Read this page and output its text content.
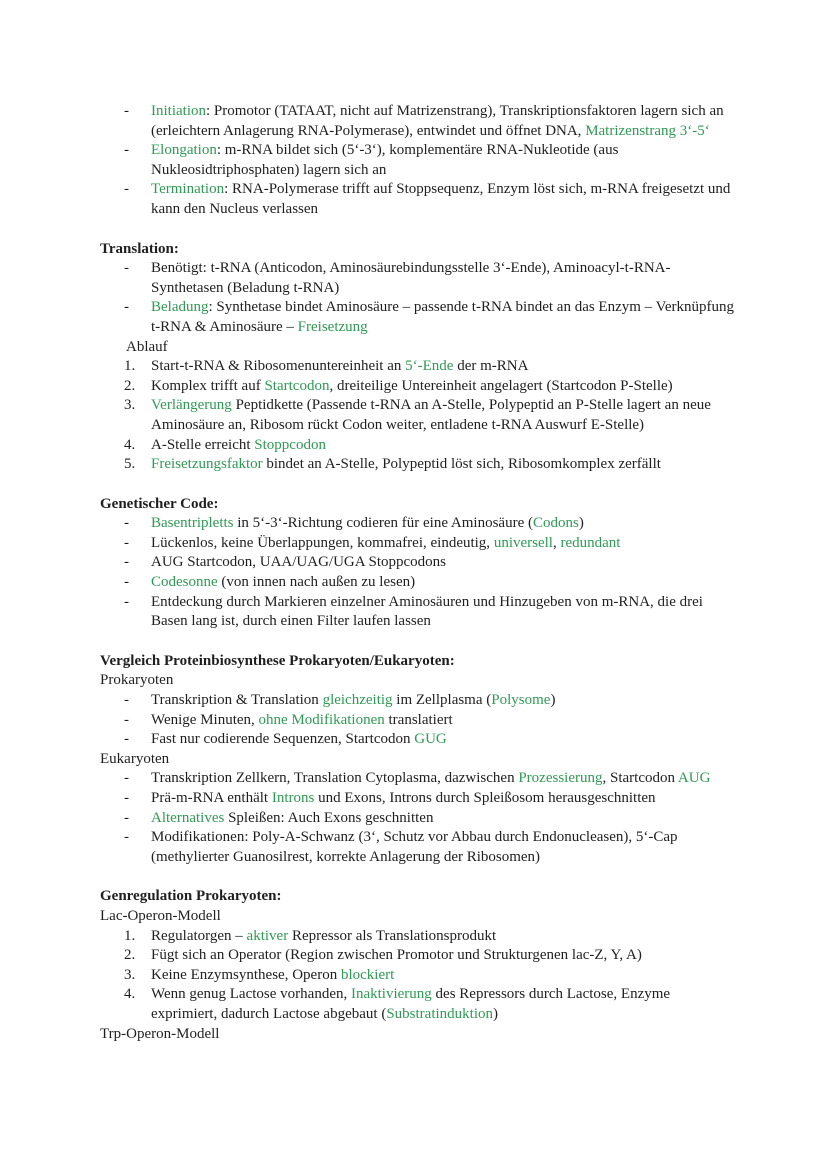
- Initiation: Promotor (TATAAT, nicht auf Matrizenstrang), Transkriptionsfaktoren lagern sich an (erleichtern Anlagerung RNA-Polymerase), entwindet und öffnet DNA, Matrizenstrang 3‘-5‘
- Elongation: m-RNA bildet sich (5‘-3‘), komplementäre RNA-Nukleotide (aus Nukleosidtriphosphaten) lagern sich an
- Termination: RNA-Polymerase trifft auf Stoppsequenz, Enzym löst sich, m-RNA freigesetzt und kann den Nucleus verlassen

Translation:

- Benötigt: t-RNA (Anticodon, Aminosäurebindungsstelle 3‘-Ende), Aminoacyl-t-RNA-Synthetasen (Beladung t-RNA)
- Beladung: Synthetase bindet Aminosäure – passende t-RNA bindet an das Enzym – Verknüpfung t-RNA & Aminosäure – Freisetzung

Ablauf

1. Start-t-RNA & Ribosomenuntereinheit an 5‘-Ende der m-RNA
2. Komplex trifft auf Startcodon, dreiteilige Untereinheit angelagert (Startcodon P-Stelle)
3. Verlängerung Peptidkette (Passende t-RNA an A-Stelle, Polypeptid an P-Stelle lagert an neue Aminosäure an, Ribosom rückt Codon weiter, entladene t-RNA Auswurf E-Stelle)
4. A-Stelle erreicht Stoppcodon
5. Freisetzungsfaktor bindet an A-Stelle, Polypeptid löst sich, Ribosomkomplex zerfällt

Genetischer Code:

- Basentripletts in 5‘-3‘-Richtung codieren für eine Aminosäure (Codons)
- Lückenlos, keine Überlappungen, kommafrei, eindeutig, universell, redundant
- AUG Startcodon, UAA/UAG/UGA Stoppcodons
- Codesonne (von innen nach außen zu lesen)
- Entdeckung durch Markieren einzelner Aminosäuren und Hinzugeben von m-RNA, die drei Basen lang ist, durch einen Filter laufen lassen

Vergleich Proteinbiosynthese Prokaryoten/Eukaryoten:

Prokaryoten

- Transkription & Translation gleichzeitig im Zellplasma (Polysome)
- Wenige Minuten, ohne Modifikationen translatiert
- Fast nur codierende Sequenzen, Startcodon GUG

Eukaryoten

- Transkription Zellkern, Translation Cytoplasma, dazwischen Prozessierung, Startcodon AUG
- Prä-m-RNA enthält Introns und Exons, Introns durch Spleißosom herausgeschnitten
- Alternatives Spleißen: Auch Exons geschnitten
- Modifikationen: Poly-A-Schwanz (3‘, Schutz vor Abbau durch Endonucleasen), 5‘-Cap (methylierter Guanosilrest, korrekte Anlagerung der Ribosomen)

Genregulation Prokaryoten:

Lac-Operon-Modell

1. Regulatorgen – aktiver Repressor als Translationsprodukt
2. Fügt sich an Operator (Region zwischen Promotor und Strukturgenen lac-Z, Y, A)
3. Keine Enzymsynthese, Operon blockiert
4. Wenn genug Lactose vorhanden, Inaktivierung des Repressors durch Lactose, Enzyme exprimiert, dadurch Lactose abgebaut (Substratinduktion)

Trp-Operon-Modell
